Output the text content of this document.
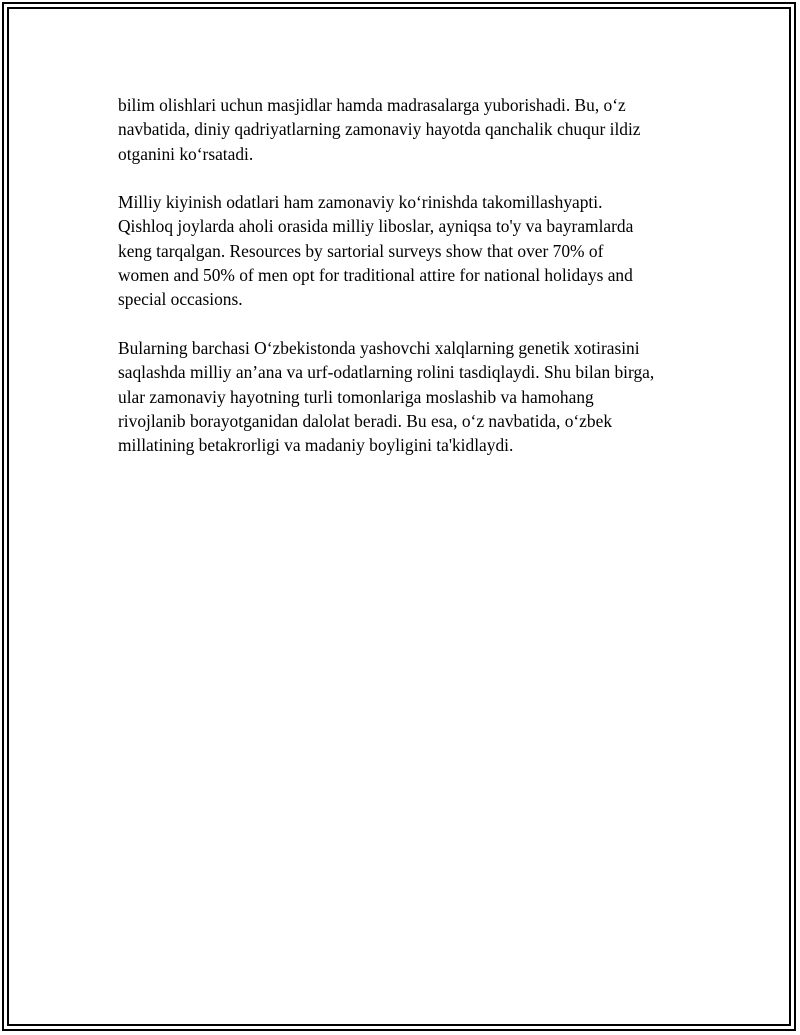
bilim olishlari uchun masjidlar hamda madrasalarga yuborishadi. Bu, o‘z
navbatida, diniy qadriyatlarning zamonaviy hayotda qanchalik chuqur ildiz
otganini ko‘rsatadi.

Milliy kiyinish odatlari ham zamonaviy ko‘rinishda takomillashyapti.
Qishloq joylarda aholi orasida milliy liboslar, ayniqsa to'y va bayramlarda
keng tarqalgan. Resources by sartorial surveys show that over 70% of
women and 50% of men opt for traditional attire for national holidays and
special occasions.

Bularning barchasi O‘zbekistonda yashovchi xalqlarning genetik xotirasini
saqlashda milliy an’ana va urf-odatlarning rolini tasdiqlaydi. Shu bilan birga,
ular zamonaviy hayotning turli tomonlariga moslashib va hamohang
rivojlanib borayotganidan dalolat beradi. Bu esa, o‘z navbatida, o‘zbek
millatining betakrorligi va madaniy boyligini ta'kidlaydi.
